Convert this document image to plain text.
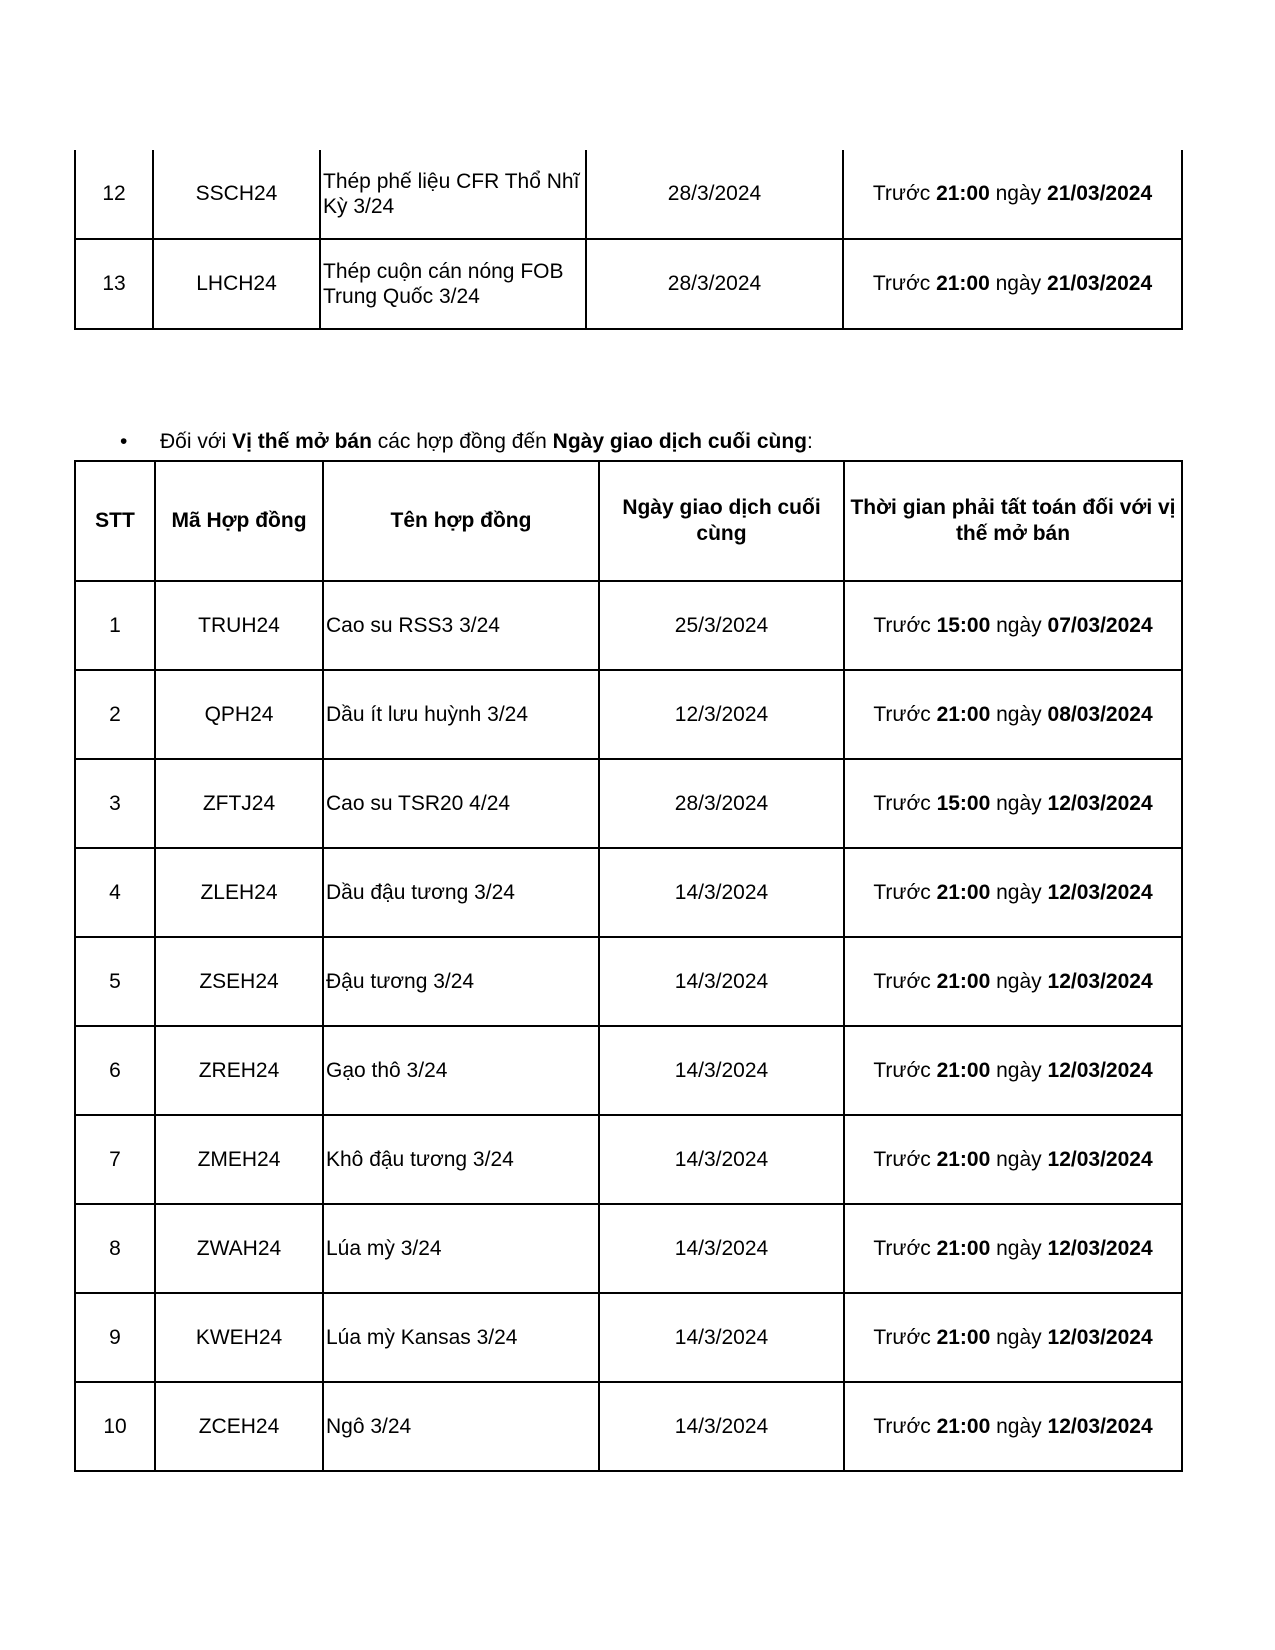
12	SSCH24	Thép phế liệu CFR Thổ Nhĩ Kỳ 3/24	28/3/2024	Trước 21:00 ngày 21/03/2024
13	LHCH24	Thép cuộn cán nóng FOB Trung Quốc 3/24	28/3/2024	Trước 21:00 ngày 21/03/2024
• Đối với Vị thế mở bán các hợp đồng đến Ngày giao dịch cuối cùng:
STT	Mã Hợp đồng	Tên hợp đồng	Ngày giao dịch cuối cùng	Thời gian phải tất toán đối với vị thế mở bán
1	TRUH24	Cao su RSS3 3/24	25/3/2024	Trước 15:00 ngày 07/03/2024
2	QPH24	Dầu ít lưu huỳnh 3/24	12/3/2024	Trước 21:00 ngày 08/03/2024
3	ZFTJ24	Cao su TSR20 4/24	28/3/2024	Trước 15:00 ngày 12/03/2024
4	ZLEH24	Dầu đậu tương 3/24	14/3/2024	Trước 21:00 ngày 12/03/2024
5	ZSEH24	Đậu tương 3/24	14/3/2024	Trước 21:00 ngày 12/03/2024
6	ZREH24	Gạo thô 3/24	14/3/2024	Trước 21:00 ngày 12/03/2024
7	ZMEH24	Khô đậu tương 3/24	14/3/2024	Trước 21:00 ngày 12/03/2024
8	ZWAH24	Lúa mỳ 3/24	14/3/2024	Trước 21:00 ngày 12/03/2024
9	KWEH24	Lúa mỳ Kansas 3/24	14/3/2024	Trước 21:00 ngày 12/03/2024
10	ZCEH24	Ngô 3/24	14/3/2024	Trước 21:00 ngày 12/03/2024
